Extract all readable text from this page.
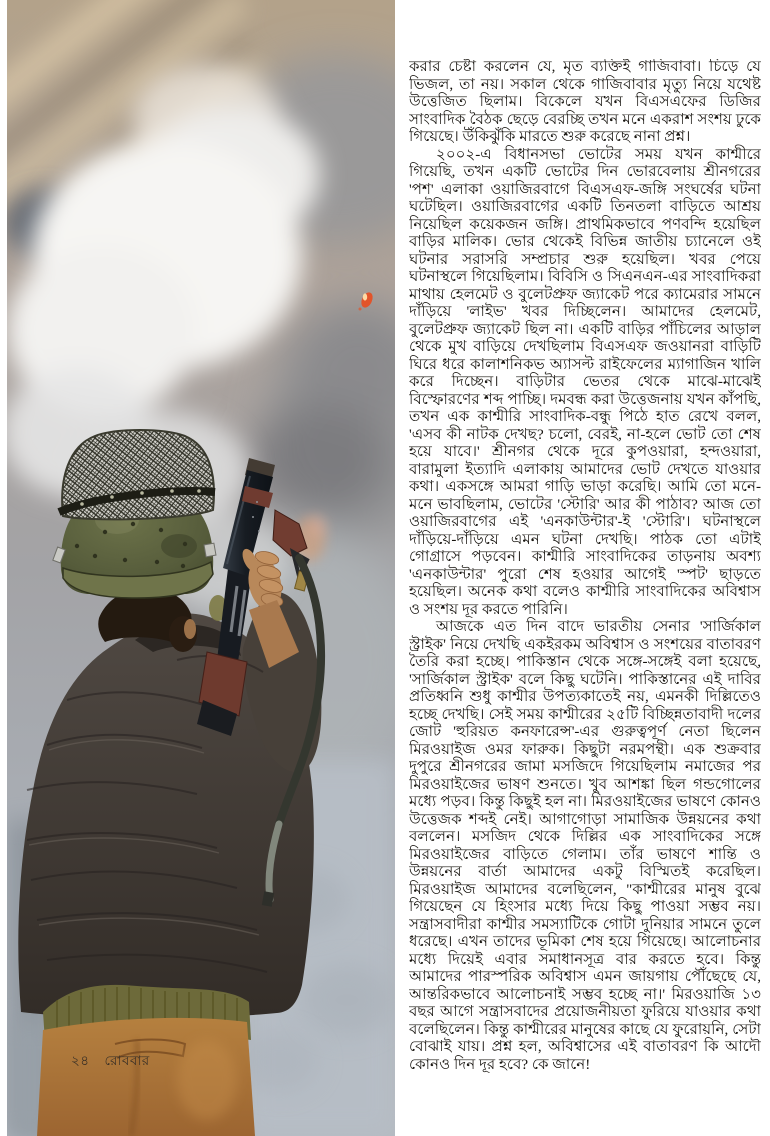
২৪ রোববার

করার চেষ্টা করলেন যে, মৃত ব্যক্তিই গাজিবাবা। চিঁড়ে যে ভিজল, তা নয়। সকাল থেকে গাজিবাবার মৃত্যু নিয়ে যথেষ্ট উত্তেজিত ছিলাম। বিকেলে যখন বিএসএফের ডিজির সাংবাদিক বৈঠক ছেড়ে বেরচ্ছি তখন মনে একরাশ সংশয় ঢুকে গিয়েছে। উঁকিঝুঁকি মারতে শুরু করেছে নানা প্রশ্ন।

২০০২-এ বিধানসভা ভোটের সময় যখন কাশ্মীরে গিয়েছি, তখন একটি ভোটের দিন ভোরবেলায় শ্রীনগরের 'পশ' এলাকা ওয়াজিরবাগে বিএসএফ-জঙ্গি সংঘর্ষের ঘটনা ঘটেছিল। ওয়াজিরবাগের একটি তিনতলা বাড়িতে আশ্রয় নিয়েছিল কয়েকজন জঙ্গি। প্রাথমিকভাবে পণবন্দি হয়েছিল বাড়ির মালিক। ভোর থেকেই বিভিন্ন জাতীয় চ্যানেলে ওই ঘটনার সরাসরি সম্প্রচার শুরু হয়েছিল। খবর পেয়ে ঘটনাস্থলে গিয়েছিলাম। বিবিসি ও সিএনএন-এর সাংবাদিকরা মাথায় হেলমেট ও বুলেটপ্রুফ জ্যাকেট পরে ক্যামেরার সামনে দাঁড়িয়ে 'লাইভ' খবর দিচ্ছিলেন। আমাদের হেলমেট, বুলেটপ্রুফ জ্যাকেট ছিল না। একটি বাড়ির পাঁচিলের আড়াল থেকে মুখ বাড়িয়ে দেখছিলাম বিএসএফ জওয়ানরা বাড়িটি ঘিরে ধরে কালাশনিকভ অ্যাসল্ট রাইফেলের ম্যাগাজিন খালি করে দিচ্ছেন। বাড়িটার ভেতর থেকে মাঝে-মাঝেই বিস্ফোরণের শব্দ পাচ্ছি। দমবন্ধ করা উত্তেজনায় যখন কাঁপছি, তখন এক কাশ্মীরি সাংবাদিক-বন্ধু পিঠে হাত রেখে বলল, 'এসব কী নাটক দেখছ? চলো, বেরই, না-হলে ভোট তো শেষ হয়ে যাবে।' শ্রীনগর থেকে দূরে কুপওয়ারা, হন্দওয়ারা, বারামুলা ইত্যাদি এলাকায় আমাদের ভোট দেখতে যাওয়ার কথা। একসঙ্গে আমরা গাড়ি ভাড়া করেছি। আমি তো মনে-মনে ভাবছিলাম, ভোটের 'স্টোরি' আর কী পাঠাব? আজ তো ওয়াজিরবাগের এই 'এনকাউন্টার'-ই 'স্টোরি'। ঘটনাস্থলে দাঁড়িয়ে-দাঁড়িয়ে এমন ঘটনা দেখছি। পাঠক তো এটাই গোগ্রাসে পড়বেন। কাশ্মীরি সাংবাদিকের তাড়নায় অবশ্য 'এনকাউন্টার' পুরো শেষ হওয়ার আগেই 'স্পট' ছাড়তে হয়েছিল। অনেক কথা বলেও কাশ্মীরি সাংবাদিকের অবিশ্বাস ও সংশয় দূর করতে পারিনি।

আজকে এত দিন বাদে ভারতীয় সেনার 'সার্জিকাল স্ট্রাইক' নিয়ে দেখছি একইরকম অবিশ্বাস ও সংশয়ের বাতাবরণ তৈরি করা হচ্ছে। পাকিস্তান থেকে সঙ্গে-সঙ্গেই বলা হয়েছে, 'সার্জিকাল স্ট্রাইক' বলে কিছু ঘটেনি। পাকিস্তানের এই দাবির প্রতিধ্বনি শুধু কাশ্মীর উপত্যকাতেই নয়, এমনকী দিল্লিতেও হচ্ছে দেখছি। সেই সময় কাশ্মীরের ২৫টি বিচ্ছিন্নতাবাদী দলের জোট 'হুরিয়ত কনফারেন্স'-এর গুরুত্বপূর্ণ নেতা ছিলেন মিরওয়াইজ ওমর ফারুক। কিছুটা নরমপন্থী। এক শুক্রবার দুপুরে শ্রীনগরের জামা মসজিদে গিয়েছিলাম নমাজের পর মিরওয়াইজের ভাষণ শুনতে। খুব আশঙ্কা ছিল গন্ডগোলের মধ্যে পড়ব। কিন্তু কিছুই হল না। মিরওয়াইজের ভাষণে কোনও উত্তেজক শব্দই নেই। আগাগোড়া সামাজিক উন্নয়নের কথা বললেন। মসজিদ থেকে দিল্লির এক সাংবাদিকের সঙ্গে মিরওয়াইজের বাড়িতে গেলাম। তাঁর ভাষণে শান্তি ও উন্নয়নের বার্তা আমাদের একটু বিস্মিতই করেছিল। মিরওয়াইজ আমাদের বলেছিলেন, "কাশ্মীরের মানুষ বুঝে গিয়েছেন যে হিংসার মধ্যে দিয়ে কিছু পাওয়া সম্ভব নয়। সন্ত্রাসবাদীরা কাশ্মীর সমস্যাটিকে গোটা দুনিয়ার সামনে তুলে ধরেছে। এখন তাদের ভূমিকা শেষ হয়ে গিয়েছে। আলোচনার মধ্যে দিয়েই এবার সমাধানসূত্র বার করতে হবে। কিন্তু আমাদের পারস্পরিক অবিশ্বাস এমন জায়গায় পৌঁছেছে যে, আন্তরিকভাবে আলোচনাই সম্ভব হচ্ছে না।' মিরওয়াজি ১৩ বছর আগে সন্ত্রাসবাদের প্রয়োজনীয়তা ফুরিয়ে যাওয়ার কথা বলেছিলেন। কিন্তু কাশ্মীরের মানুষের কাছে যে ফুরোয়নি, সেটা বোঝাই যায়। প্রশ্ন হল, অবিশ্বাসের এই বাতাবরণ কি আদৌ কোনও দিন দূর হবে? কে জানে!
